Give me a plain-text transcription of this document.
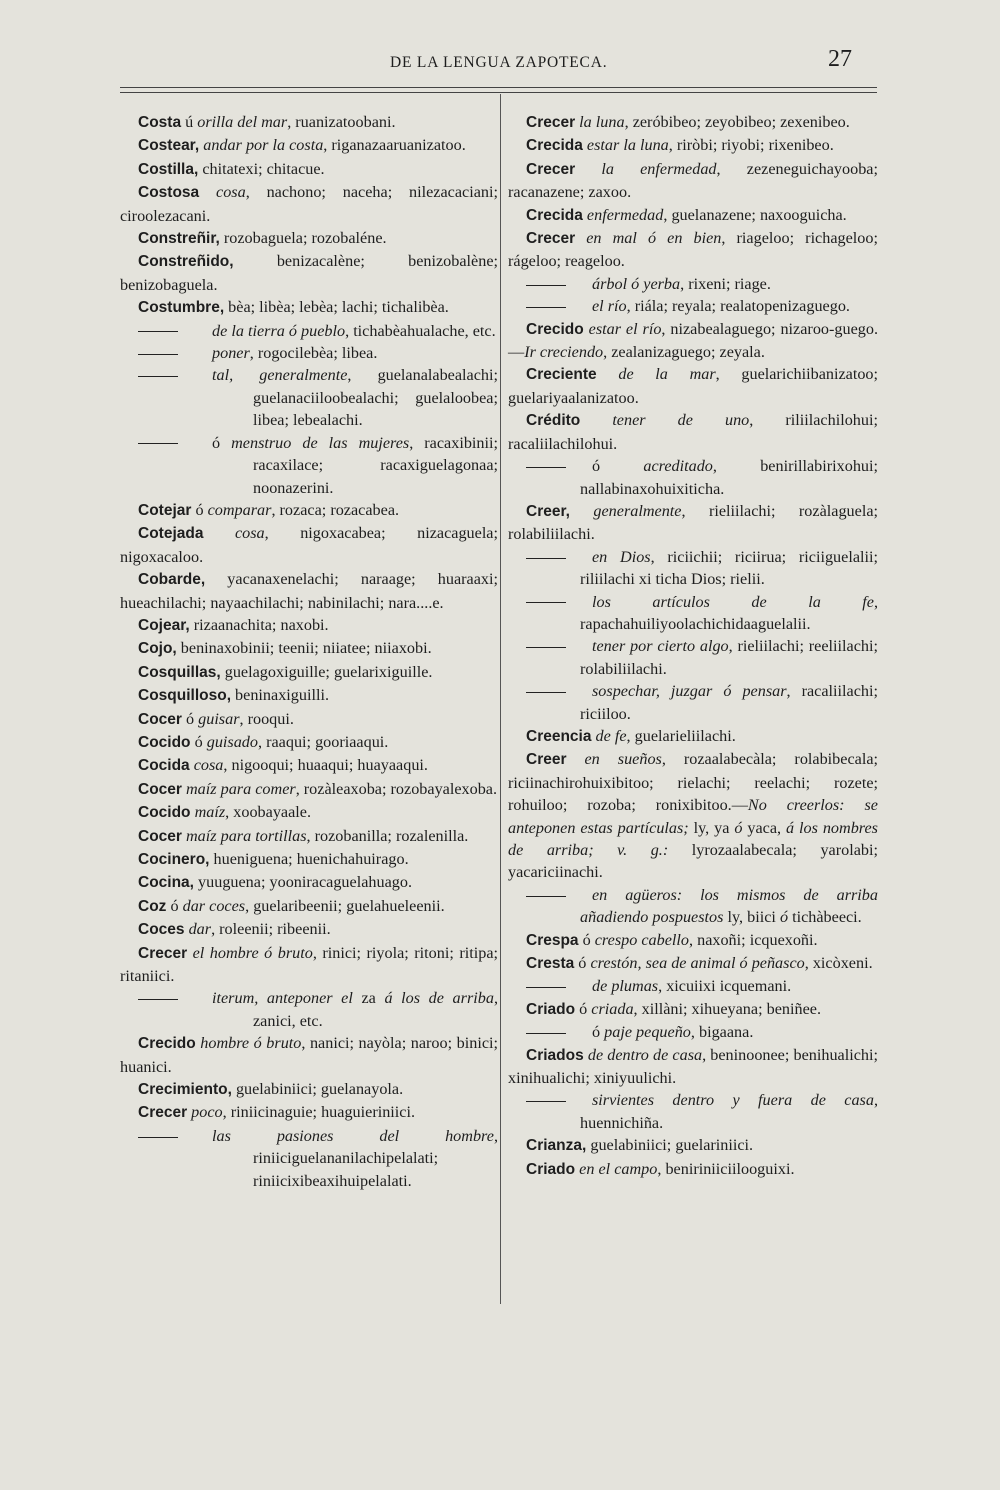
DE LA LENGUA ZAPOTECA.	27

Costa ú orilla del mar, ruanizatoobani.

Costear, andar por la costa, riganazaaruanizatoo.

Costilla, chitatexi; chitacue.

Costosa cosa, nachono; naceha; nilezacaciani; ciroolezacani.

Constreñir, rozobaguela; rozobaléne.

Constreñido, benizacalène; benizobalène; benizobaguela.

Costumbre, bèa; libèa; lebèa; lachi; tichalibèa.

de la tierra ó pueblo, tichabèahualache, etc.

poner, rogocilebèa; libea.

tal, generalmente, guelanalabealachi; guelanaciiloobealachi; guelaloobea; libea; lebealachi.

ó menstruo de las mujeres, racaxibinii; racaxilace; racaxiguelagonaa; noonazerini.

Cotejar ó comparar, rozaca; rozacabea.

Cotejada cosa, nigoxacabea; nizacaguela; nigoxacaloo.

Cobarde, yacanaxenelachi; naraage; huaraaxi; hueachilachi; nayaachilachi; nabinilachi; nara....e.

Cojear, rizaanachita; naxobi.

Cojo, beninaxobinii; teenii; niiatee; niiaxobi.

Cosquillas, guelagoxiguille; guelarixiguille.

Cosquilloso, beninaxiguilli.

Cocer ó guisar, rooqui.

Cocido ó guisado, raaqui; gooriaaqui.

Cocida cosa, nigooqui; huaaqui; huayaaqui.

Cocer maíz para comer, rozàleaxoba; rozobayalexoba.

Cocido maíz, xoobayaale.

Cocer maíz para tortillas, rozobanilla; rozalenilla.

Cocinero, hueniguena; huenichahuirago.

Cocina, yuuguena; yooniracaguelahuago.

Coz ó dar coces, guelaribeenii; guelahueleenii.

Coces dar, roleenii; ribeenii.

Crecer el hombre ó bruto, rinici; riyola; ritoni; ritipa; ritaniici.

iterum, anteponer el za á los de arriba, zanici, etc.

Crecido hombre ó bruto, nanici; nayòla; naroo; binici; huanici.

Crecimiento, guelabiniici; guelanayola.

Crecer poco, riniicinaguie; huaguieriniici.

las pasiones del hombre, riniiciguelananilachipelalati; riniicixibeaxihuipelalati.

Crecer la luna, zeróbibeo; zeyobibeo; zexenibeo.

Crecida estar la luna, riròbi; riyobi; rixenibeo.

Crecer la enfermedad, zezeneguichayooba; racanazene; zaxoo.

Crecida enfermedad, guelanazene; naxooguicha.

Crecer en mal ó en bien, riageloo; richageloo; rágeloo; reageloo.

árbol ó yerba, rixeni; riage.

el río, riála; reyala; realatopenizaguego.

Crecido estar el río, nizabealaguego; nizaroo-guego.—Ir creciendo, zealanizaguego; zeyala.

Creciente de la mar, guelarichiibanizatoo; guelariyaalanizatoo.

Crédito tener de uno, riliilachilohui; racaliilachilohui.

ó acreditado, benirillabirixohui; nallabinaxohuixiticha.

Creer, generalmente, rieliilachi; rozàlaguela; rolabiliilachi.

en Dios, riciichii; riciirua; riciiguelalii; riliilachi xi ticha Dios; rielii.

los artículos de la fe, rapachahuiliyoolachichidaaguelalii.

tener por cierto algo, rieliilachi; reeliilachi; rolabiliilachi.

sospechar, juzgar ó pensar, racaliilachi; riciiloo.

Creencia de fe, guelarieliilachi.

Creer en sueños, rozaalabecàla; rolabibecala; riciinachirohuixibitoo; rielachi; reelachi; rozete; rohuiloo; rozoba; ronixibitoo.—No creerlos: se anteponen estas partículas; ly, ya ó yaca, á los nombres de arriba; v. g.: lyrozaalabecala; yarolabi; yacariciinachi.

en agüeros: los mismos de arriba añadiendo pospuestos ly, biici ó tichàbeeci.

Crespa ó crespo cabello, naxoñi; icquexoñi.

Cresta ó crestón, sea de animal ó peñasco, xicòxeni.

de plumas, xicuiixi icquemani.

Criado ó criada, xillàni; xihueyana; beniñee.

ó paje pequeño, bigaana.

Criados de dentro de casa, beninoonee; benihualichi; xinihualichi; xiniyuulichi.

sirvientes dentro y fuera de casa, huennichiña.

Crianza, guelabiniici; guelariniici.

Criado en el campo, beniriniiciilooguixi.
